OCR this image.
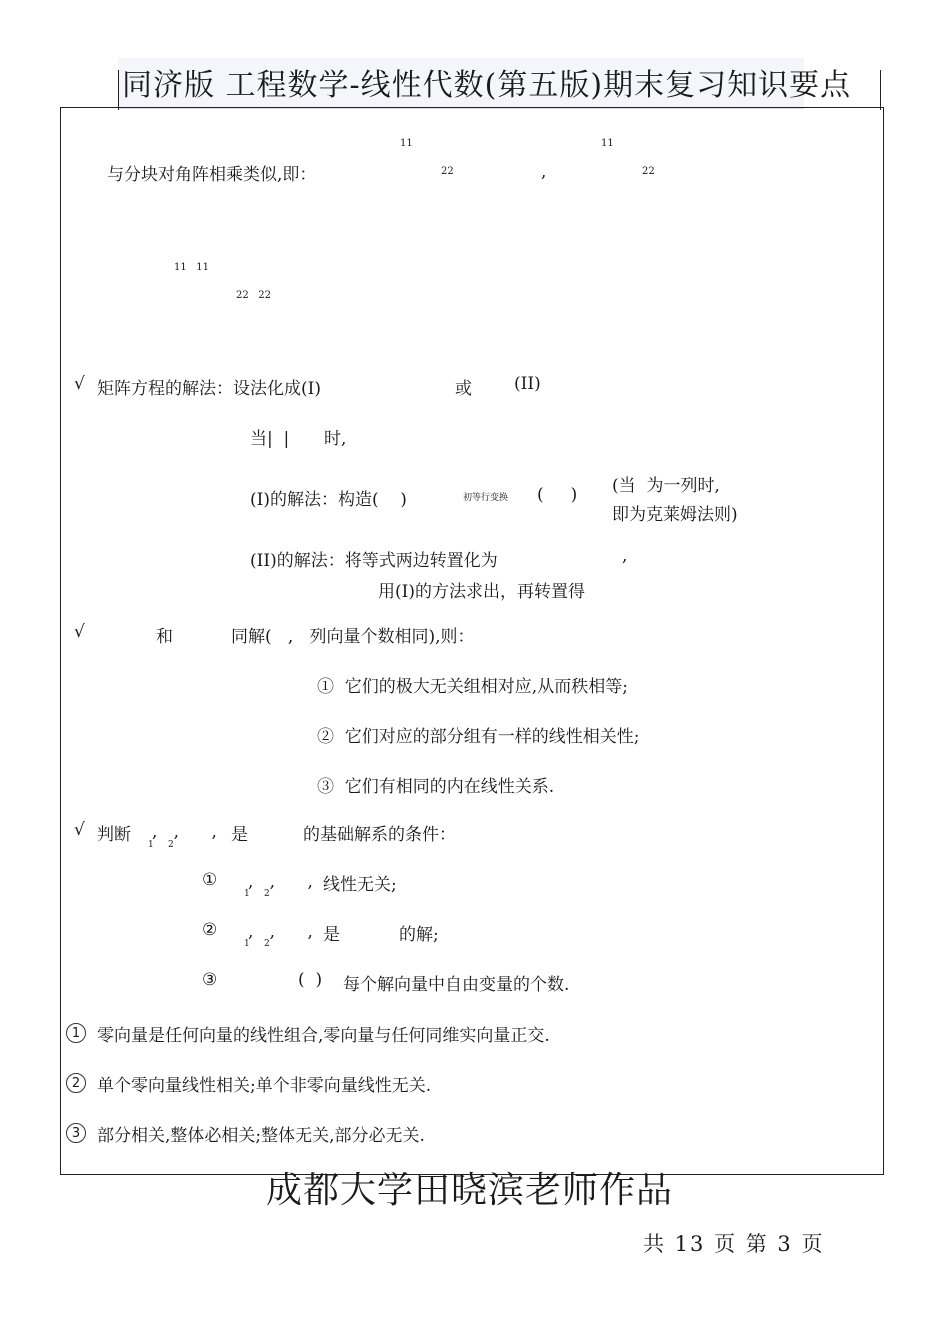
同济版 工程数学-线性代数(第五版)期末复习知识要点
11	11
与分块对角阵相乘类似,即：	22	,	22
11   11
22   22
√ 矩阵方程的解法：设法化成(I)	或 (II)
当|  | 时,
(I)的解法：构造(    )	初等行变换 (     ) (当  为一列时,
即为克莱姆法则)
(II)的解法：将等式两边转置化为	,
用(I)的方法求出，再转置得
√	和	同解(   ,   列向量个数相同),则：
①  它们的极大无关组相对应,从而秩相等;
②  它们对应的部分组有一样的线性相关性;
③  它们有相同的内在线性关系.
√ 判断 ,   ,      ,
1     2	是	的基础解系的条件：
① ,   ,      ,
1     2	线性无关;
② ,   ,      ,
1     2	是	的解;
③	(  ) 每个解向量中自由变量的个数.
1 零向量是任何向量的线性组合,零向量与任何同维实向量正交.
2 单个零向量线性相关;单个非零向量线性无关.
3 部分相关,整体必相关;整体无关,部分必无关.
成都大学田晓滨老师作品
共 13 页 第 3 页
